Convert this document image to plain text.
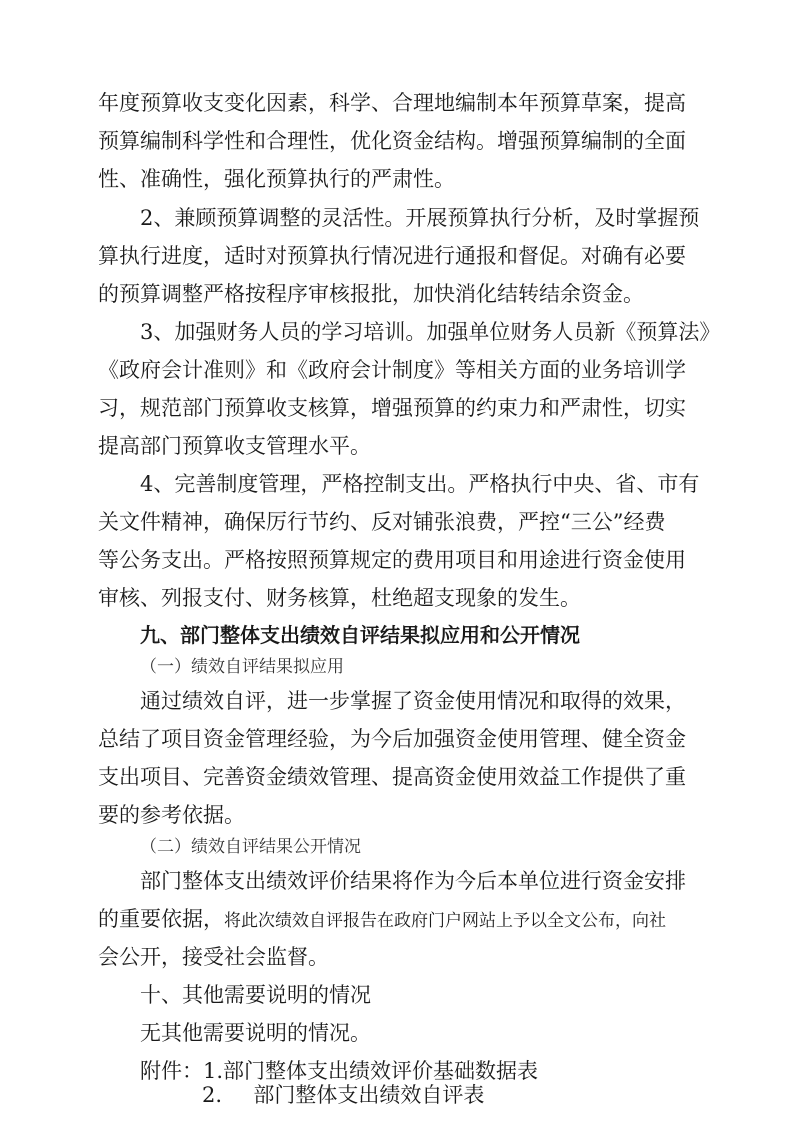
年度预算收支变化因素，科学、合理地编制本年预算草案，提高
预算编制科学性和合理性，优化资金结构。增强预算编制的全面
性、准确性，强化预算执行的严肃性。
2、兼顾预算调整的灵活性。开展预算执行分析，及时掌握预
算执行进度，适时对预算执行情况进行通报和督促。对确有必要
的预算调整严格按程序审核报批，加快消化结转结余资金。
3、加强财务人员的学习培训。加强单位财务人员新《预算法》
《政府会计准则》和《政府会计制度》等相关方面的业务培训学
习，规范部门预算收支核算，增强预算的约束力和严肃性，切实
提高部门预算收支管理水平。
4、完善制度管理，严格控制支出。严格执行中央、省、市有
关文件精神，确保厉行节约、反对铺张浪费，严控“三公”经费
等公务支出。严格按照预算规定的费用项目和用途进行资金使用
审核、列报支付、财务核算，杜绝超支现象的发生。
九、部门整体支出绩效自评结果拟应用和公开情况
（一）绩效自评结果拟应用
通过绩效自评，进一步掌握了资金使用情况和取得的效果，
总结了项目资金管理经验，为今后加强资金使用管理、健全资金
支出项目、完善资金绩效管理、提高资金使用效益工作提供了重
要的参考依据。
（二）绩效自评结果公开情况
部门整体支出绩效评价结果将作为今后本单位进行资金安排
的重要依据，将此次绩效自评报告在政府门户网站上予以全文公布，向社
会公开，接受社会监督。
十、其他需要说明的情况
无其他需要说明的情况。
附件：1.部门整体支出绩效评价基础数据表
2. 部门整体支出绩效自评表
